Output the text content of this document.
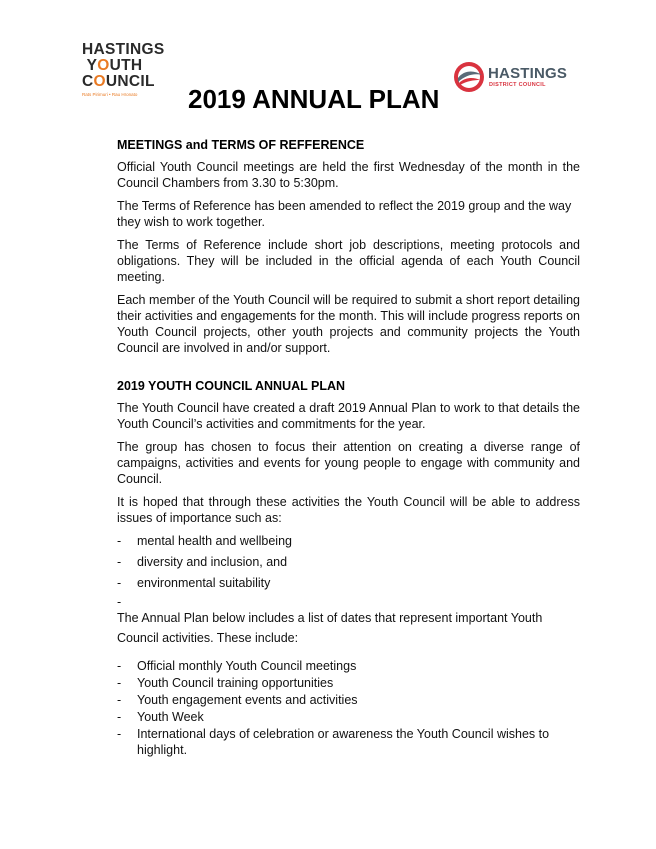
HASTINGS
YOUTH
COUNCIL
Rats Pirimuri • Rau Hronato
HASTINGS
DISTRICT COUNCIL
2019 ANNUAL PLAN
MEETINGS and TERMS OF REFFERENCE

Official Youth Council meetings are held the first Wednesday of the month in the Council Chambers from 3.30 to 5:30pm.

The Terms of Reference has been amended to reflect the 2019 group and the way they wish to work together.

The Terms of Reference include short job descriptions, meeting protocols and obligations. They will be included in the official agenda of each Youth Council meeting.

Each member of the Youth Council will be required to submit a short report detailing their activities and engagements for the month. This will include progress reports on Youth Council projects, other youth projects and community projects the Youth Council are involved in and/or support.

2019 YOUTH COUNCIL ANNUAL PLAN

The Youth Council have created a draft 2019 Annual Plan to work to that details the Youth Council’s activities and commitments for the year.

The group has chosen to focus their attention on creating a diverse range of campaigns, activities and events for young people to engage with community and Council.

It is hoped that through these activities the Youth Council will be able to address issues of importance such as:

- mental health and wellbeing
- diversity and inclusion, and
- environmental suitability
-

The Annual Plan below includes a list of dates that represent important Youth Council activities. These include:

- Official monthly Youth Council meetings
- Youth Council training opportunities
- Youth engagement events and activities
- Youth Week
- International days of celebration or awareness the Youth Council wishes to highlight.
